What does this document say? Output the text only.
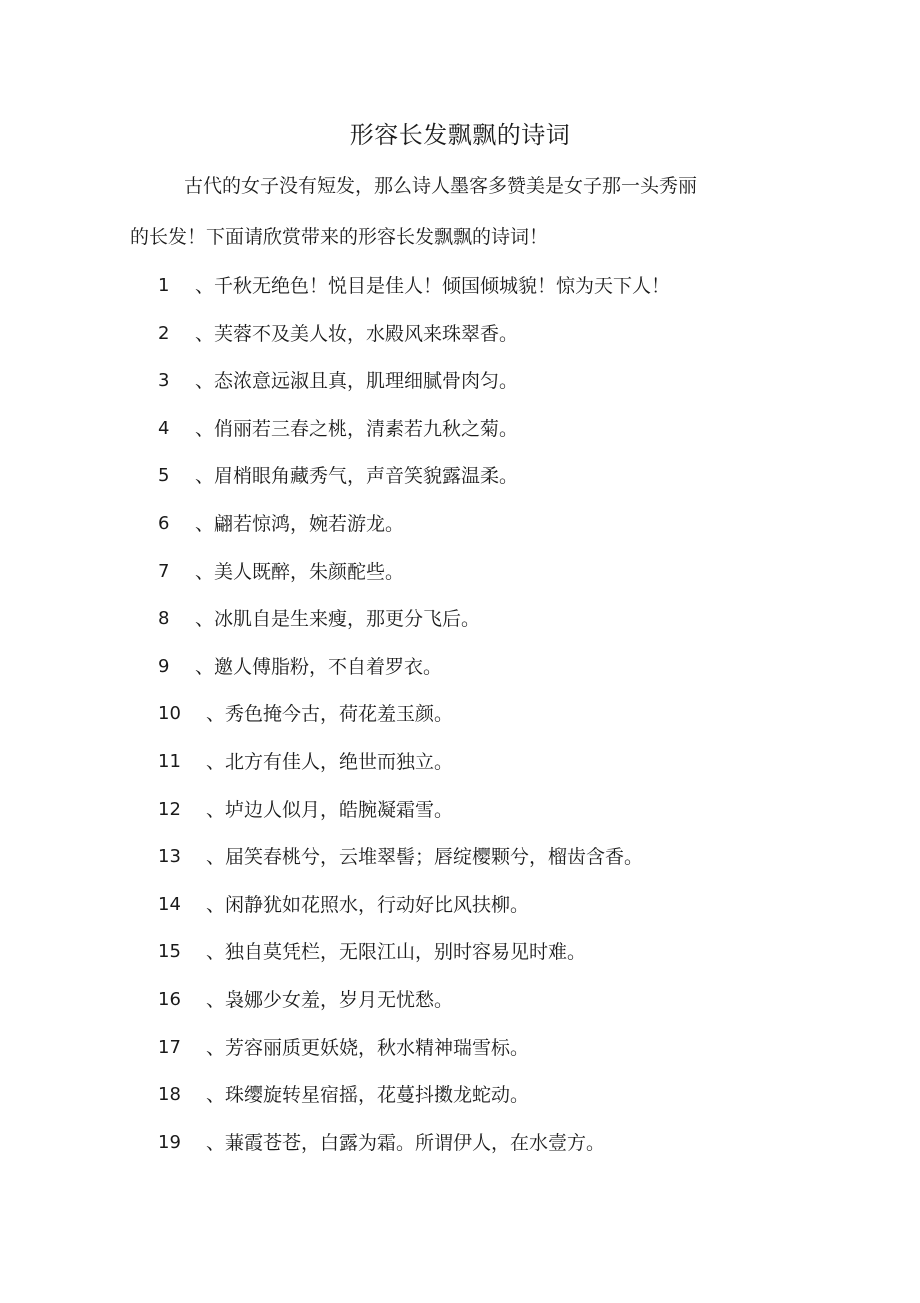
形容长发飘飘的诗词

古代的女子没有短发，那么诗人墨客多赞美是女子那一头秀丽
的长发！下面请欣赏带来的形容长发飘飘的诗词！

1 、千秋无绝色！悦目是佳人！倾国倾城貌！惊为天下人！
2 、芙蓉不及美人妆，水殿风来珠翠香。
3 、态浓意远淑且真，肌理细腻骨肉匀。
4 、俏丽若三春之桃，清素若九秋之菊。
5 、眉梢眼角藏秀气，声音笑貌露温柔。
6 、翩若惊鸿，婉若游龙。
7 、美人既醉，朱颜酡些。
8 、冰肌自是生来瘦，那更分飞后。
9 、邀人傅脂粉，不自着罗衣。
10 、秀色掩今古，荷花羞玉颜。
11 、北方有佳人，绝世而独立。
12 、垆边人似月，皓腕凝霜雪。
13 、届笑春桃兮，云堆翠髻；唇绽樱颗兮，榴齿含香。
14 、闲静犹如花照水，行动好比风扶柳。
15 、独自莫凭栏，无限江山，别时容易见时难。
16 、袅娜少女羞，岁月无忧愁。
17 、芳容丽质更妖娆，秋水精神瑞雪标。
18 、珠缨旋转星宿摇，花蔓抖擞龙蛇动。
19 、蒹霞苍苍，白露为霜。所谓伊人，在水壹方。
